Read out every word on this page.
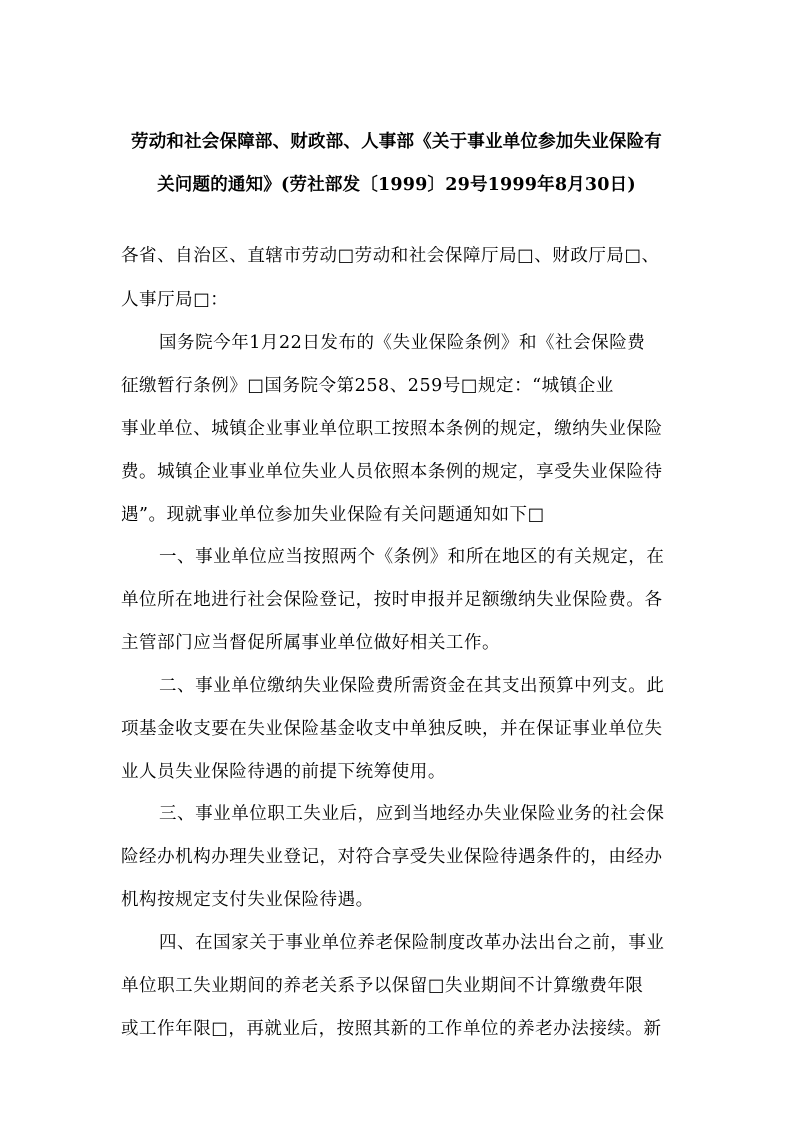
劳动和社会保障部、财政部、人事部《关于事业单位参加失业保险有
关问题的通知》(劳社部发〔1999〕29号1999年8月30日)
各省、自治区、直辖市劳动□劳动和社会保障厅局□、财政厅局□、
人事厅局□：
国务院今年1月22日发布的《失业保险条例》和《社会保险费
征缴暂行条例》□国务院令第258、259号□规定：“城镇企业
事业单位、城镇企业事业单位职工按照本条例的规定，缴纳失业保险
费。城镇企业事业单位失业人员依照本条例的规定，享受失业保险待
遇”。现就事业单位参加失业保险有关问题通知如下□
一、事业单位应当按照两个《条例》和所在地区的有关规定，在
单位所在地进行社会保险登记，按时申报并足额缴纳失业保险费。各
主管部门应当督促所属事业单位做好相关工作。
二、事业单位缴纳失业保险费所需资金在其支出预算中列支。此
项基金收支要在失业保险基金收支中单独反映，并在保证事业单位失
业人员失业保险待遇的前提下统筹使用。
三、事业单位职工失业后，应到当地经办失业保险业务的社会保
险经办机构办理失业登记，对符合享受失业保险待遇条件的，由经办
机构按规定支付失业保险待遇。
四、在国家关于事业单位养老保险制度改革办法出台之前，事业
单位职工失业期间的养老关系予以保留□失业期间不计算缴费年限
或工作年限□，再就业后，按照其新的工作单位的养老办法接续。新
